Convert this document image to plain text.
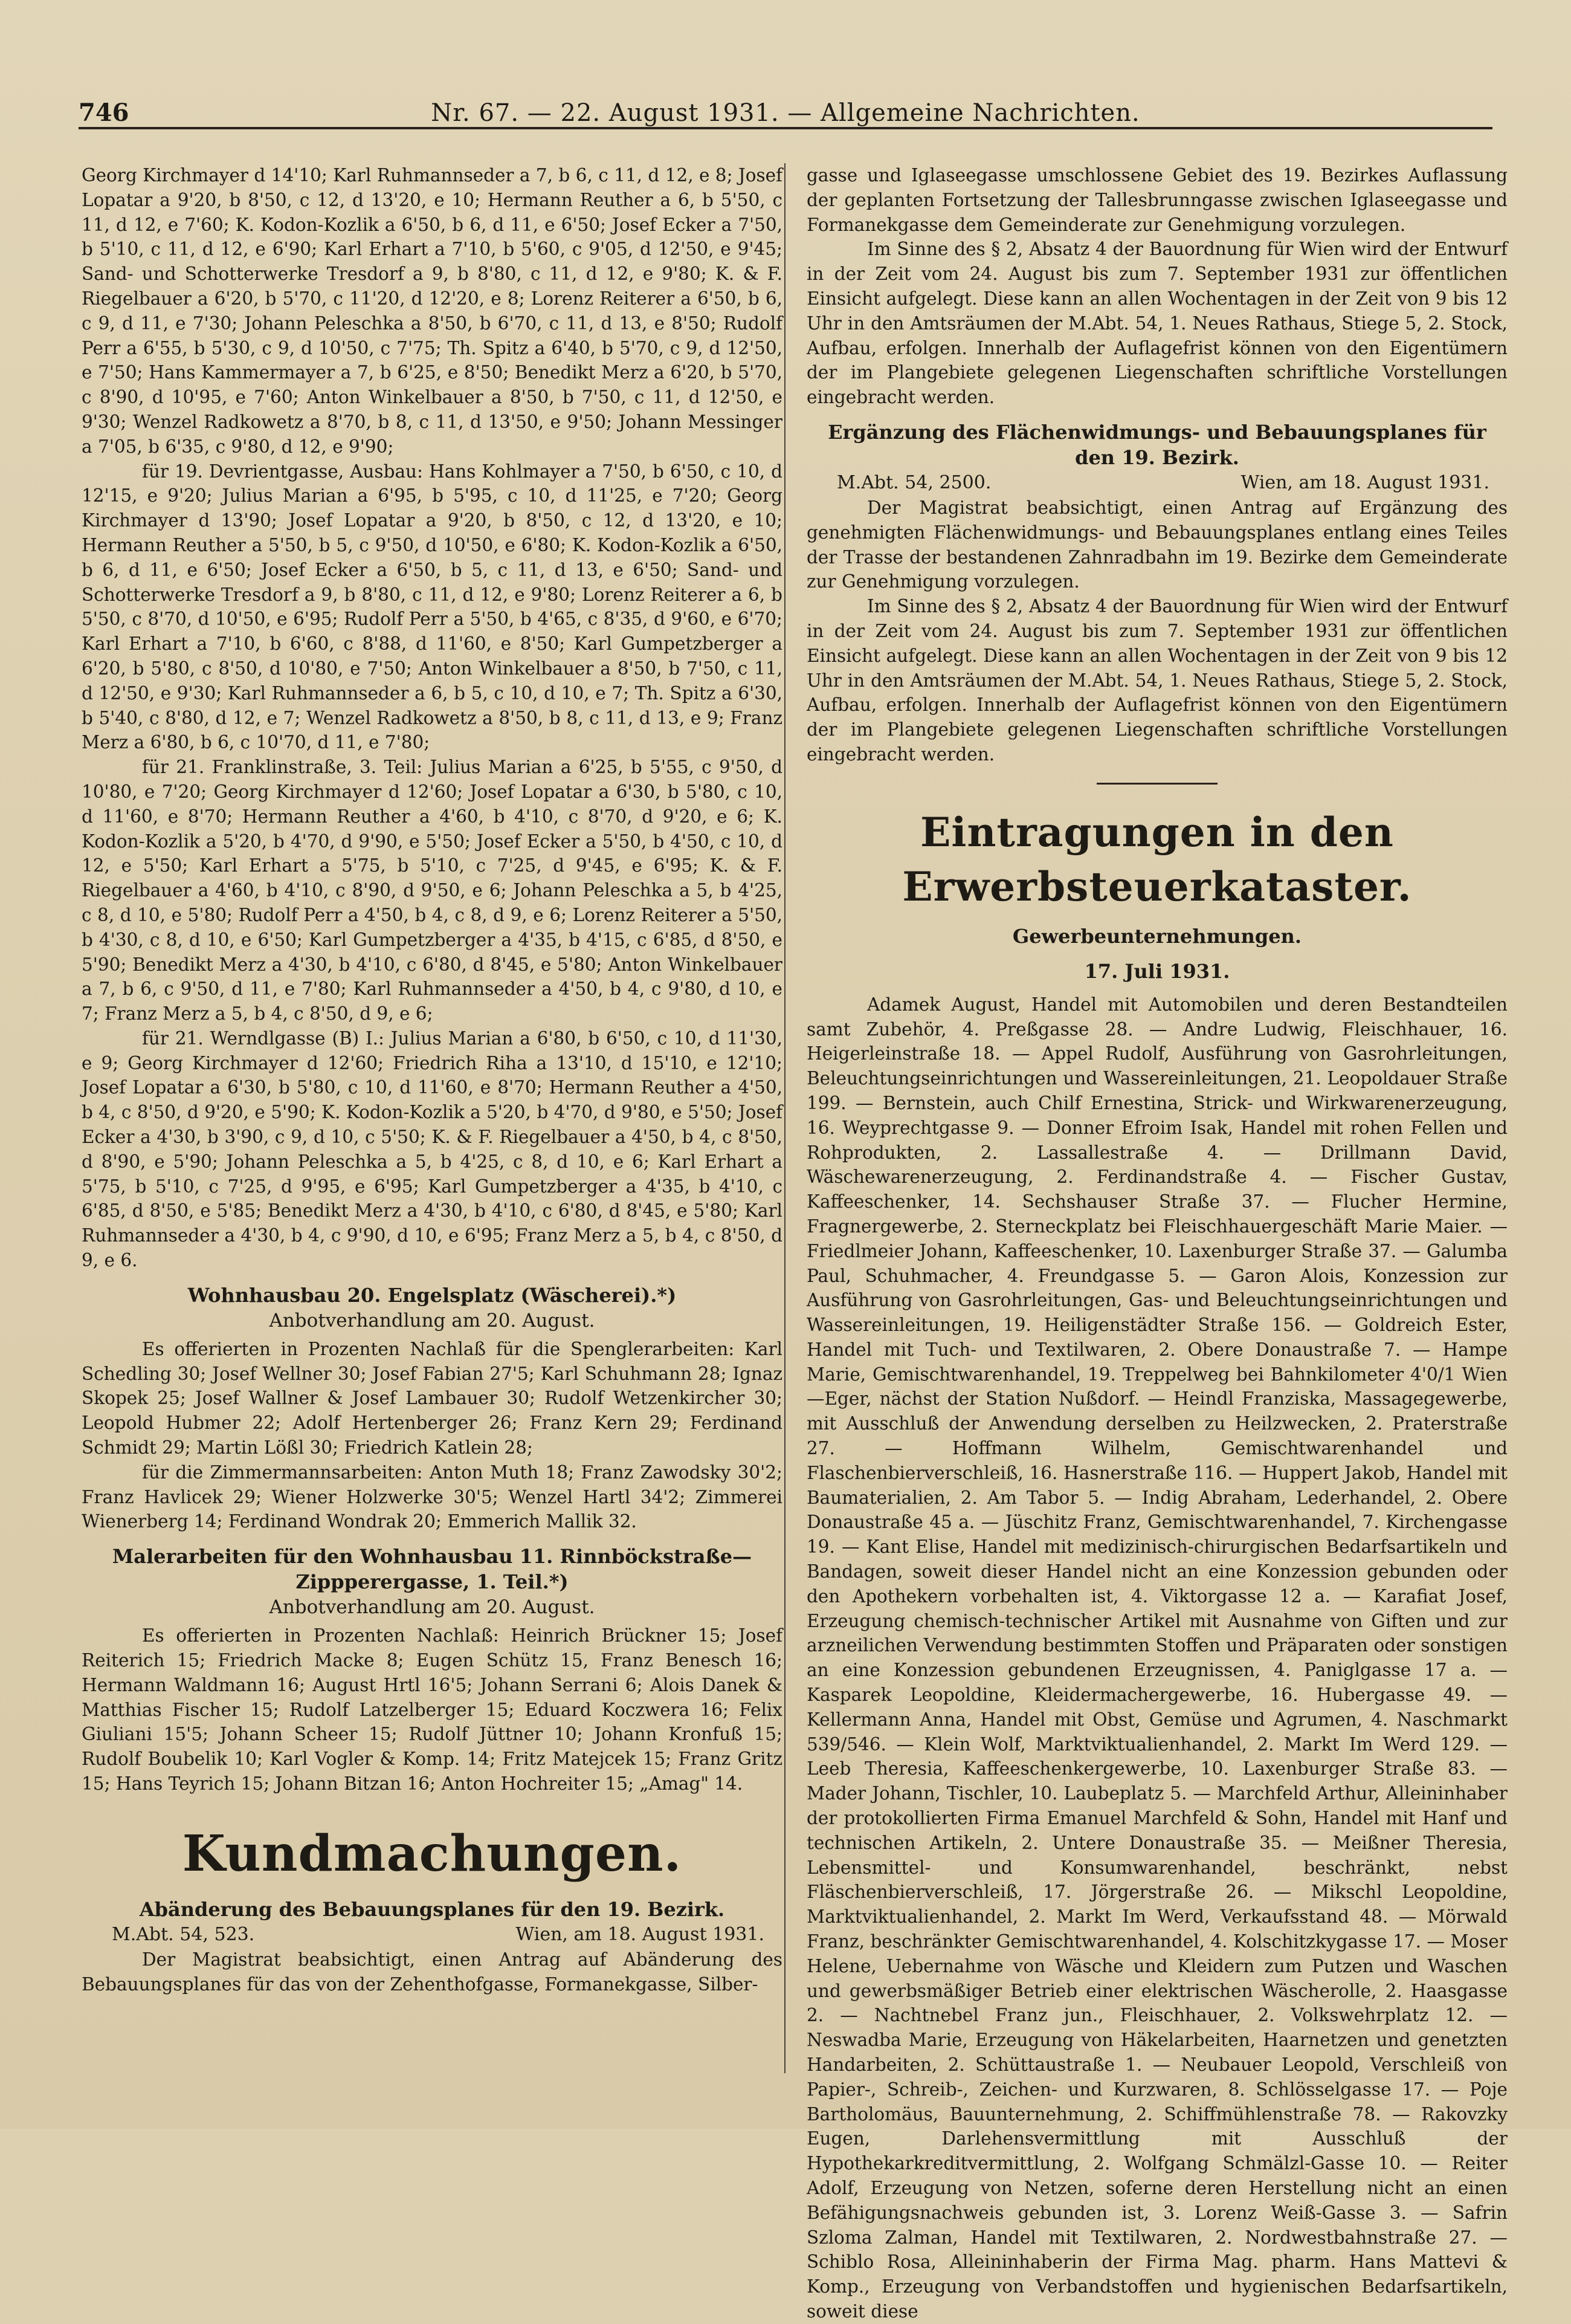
746	Nr. 67. — 22. August 1931. — Allgemeine Nachrichten.

Georg Kirchmayer d 14'10; Karl Ruhmannseder a 7, b 6, c 11, d 12, e 8; Josef Lopatar a 9'20, b 8'50, c 12, d 13'20, e 10; Hermann Reuther a 6, b 5'50, c 11, d 12, e 7'60; K. Kodon-Kozlik a 6'50, b 6, d 11, e 6'50; Josef Ecker a 7'50, b 5'10, c 11, d 12, e 6'90; Karl Erhart a 7'10, b 5'60, c 9'05, d 12'50, e 9'45; Sand- und Schotterwerke Tresdorf a 9, b 8'80, c 11, d 12, e 9'80; K. & F. Riegelbauer a 6'20, b 5'70, c 11'20, d 12'20, e 8; Lorenz Reiterer a 6'50, b 6, c 9, d 11, e 7'30; Johann Peleschka a 8'50, b 6'70, c 11, d 13, e 8'50; Rudolf Perr a 6'55, b 5'30, c 9, d 10'50, c 7'75; Th. Spitz a 6'40, b 5'70, c 9, d 12'50, e 7'50; Hans Kammermayer a 7, b 6'25, e 8'50; Benedikt Merz a 6'20, b 5'70, c 8'90, d 10'95, e 7'60; Anton Winkelbauer a 8'50, b 7'50, c 11, d 12'50, e 9'30; Wenzel Radkowetz a 8'70, b 8, c 11, d 13'50, e 9'50; Johann Messinger a 7'05, b 6'35, c 9'80, d 12, e 9'90;

für 19. Devrientgasse, Ausbau: Hans Kohlmayer a 7'50, b 6'50, c 10, d 12'15, e 9'20; Julius Marian a 6'95, b 5'95, c 10, d 11'25, e 7'20; Georg Kirchmayer d 13'90; Josef Lopatar a 9'20, b 8'50, c 12, d 13'20, e 10; Hermann Reuther a 5'50, b 5, c 9'50, d 10'50, e 6'80; K. Kodon-Kozlik a 6'50, b 6, d 11, e 6'50; Josef Ecker a 6'50, b 5, c 11, d 13, e 6'50; Sand- und Schotterwerke Tresdorf a 9, b 8'80, c 11, d 12, e 9'80; Lorenz Reiterer a 6, b 5'50, c 8'70, d 10'50, e 6'95; Rudolf Perr a 5'50, b 4'65, c 8'35, d 9'60, e 6'70; Karl Erhart a 7'10, b 6'60, c 8'88, d 11'60, e 8'50; Karl Gumpetzberger a 6'20, b 5'80, c 8'50, d 10'80, e 7'50; Anton Winkelbauer a 8'50, b 7'50, c 11, d 12'50, e 9'30; Karl Ruhmannseder a 6, b 5, c 10, d 10, e 7; Th. Spitz a 6'30, b 5'40, c 8'80, d 12, e 7; Wenzel Radkowetz a 8'50, b 8, c 11, d 13, e 9; Franz Merz a 6'80, b 6, c 10'70, d 11, e 7'80;

für 21. Franklinstraße, 3. Teil: Julius Marian a 6'25, b 5'55, c 9'50, d 10'80, e 7'20; Georg Kirchmayer d 12'60; Josef Lopatar a 6'30, b 5'80, c 10, d 11'60, e 8'70; Hermann Reuther a 4'60, b 4'10, c 8'70, d 9'20, e 6; K. Kodon-Kozlik a 5'20, b 4'70, d 9'90, e 5'50; Josef Ecker a 5'50, b 4'50, c 10, d 12, e 5'50; Karl Erhart a 5'75, b 5'10, c 7'25, d 9'45, e 6'95; K. & F. Riegelbauer a 4'60, b 4'10, c 8'90, d 9'50, e 6; Johann Peleschka a 5, b 4'25, c 8, d 10, e 5'80; Rudolf Perr a 4'50, b 4, c 8, d 9, e 6; Lorenz Reiterer a 5'50, b 4'30, c 8, d 10, e 6'50; Karl Gumpetzberger a 4'35, b 4'15, c 6'85, d 8'50, e 5'90; Benedikt Merz a 4'30, b 4'10, c 6'80, d 8'45, e 5'80; Anton Winkelbauer a 7, b 6, c 9'50, d 11, e 7'80; Karl Ruhmannseder a 4'50, b 4, c 9'80, d 10, e 7; Franz Merz a 5, b 4, c 8'50, d 9, e 6;

für 21. Werndlgasse (B) I.: Julius Marian a 6'80, b 6'50, c 10, d 11'30, e 9; Georg Kirchmayer d 12'60; Friedrich Riha a 13'10, d 15'10, e 12'10; Josef Lopatar a 6'30, b 5'80, c 10, d 11'60, e 8'70; Hermann Reuther a 4'50, b 4, c 8'50, d 9'20, e 5'90; K. Kodon-Kozlik a 5'20, b 4'70, d 9'80, e 5'50; Josef Ecker a 4'30, b 3'90, c 9, d 10, c 5'50; K. & F. Riegelbauer a 4'50, b 4, c 8'50, d 8'90, e 5'90; Johann Peleschka a 5, b 4'25, c 8, d 10, e 6; Karl Erhart a 5'75, b 5'10, c 7'25, d 9'95, e 6'95; Karl Gumpetzberger a 4'35, b 4'10, c 6'85, d 8'50, e 5'85; Benedikt Merz a 4'30, b 4'10, c 6'80, d 8'45, e 5'80; Karl Ruhmannseder a 4'30, b 4, c 9'90, d 10, e 6'95; Franz Merz a 5, b 4, c 8'50, d 9, e 6.

Wohnhausbau 20. Engelsplatz (Wäscherei).*)
Anbotverhandlung am 20. August.

Es offerierten in Prozenten Nachlaß für die Spenglerarbeiten: Karl Schedling 30; Josef Wellner 30; Josef Fabian 27'5; Karl Schuhmann 28; Ignaz Skopek 25; Josef Wallner & Josef Lambauer 30; Rudolf Wetzenkircher 30; Leopold Hubmer 22; Adolf Hertenberger 26; Franz Kern 29; Ferdinand Schmidt 29; Martin Lößl 30; Friedrich Katlein 28;

für die Zimmermannsarbeiten: Anton Muth 18; Franz Zawodsky 30'2; Franz Havlicek 29; Wiener Holzwerke 30'5; Wenzel Hartl 34'2; Zimmerei Wienerberg 14; Ferdinand Wondrak 20; Emmerich Mallik 32.

Malerarbeiten für den Wohnhausbau 11. Rinnböckstraße—Zippperergasse, 1. Teil.*)
Anbotverhandlung am 20. August.

Es offerierten in Prozenten Nachlaß: Heinrich Brückner 15; Josef Reiterich 15; Friedrich Macke 8; Eugen Schütz 15, Franz Benesch 16; Hermann Waldmann 16; August Hrtl 16'5; Johann Serrani 6; Alois Danek & Matthias Fischer 15; Rudolf Latzelberger 15; Eduard Koczwera 16; Felix Giuliani 15'5; Johann Scheer 15; Rudolf Jüttner 10; Johann Kronfuß 15; Rudolf Boubelik 10; Karl Vogler & Komp. 14; Fritz Matejcek 15; Franz Gritz 15; Hans Teyrich 15; Johann Bitzan 16; Anton Hochreiter 15; „Amag" 14.

Kundmachungen.
Abänderung des Bebauungsplanes für den 19. Bezirk.
M.Abt. 54, 523.	Wien, am 18. August 1931.

Der Magistrat beabsichtigt, einen Antrag auf Abänderung des Bebauungsplanes für das von der Zehenthofgasse, Formanekgasse, Silber-

gasse und Iglaseegasse umschlossene Gebiet des 19. Bezirkes Auflassung der geplanten Fortsetzung der Tallesbrunngasse zwischen Iglaseegasse und Formanekgasse dem Gemeinderate zur Genehmigung vorzulegen.

Im Sinne des § 2, Absatz 4 der Bauordnung für Wien wird der Entwurf in der Zeit vom 24. August bis zum 7. September 1931 zur öffentlichen Einsicht aufgelegt. Diese kann an allen Wochentagen in der Zeit von 9 bis 12 Uhr in den Amtsräumen der M.Abt. 54, 1. Neues Rathaus, Stiege 5, 2. Stock, Aufbau, erfolgen. Innerhalb der Auflagefrist können von den Eigentümern der im Plangebiete gelegenen Liegenschaften schriftliche Vorstellungen eingebracht werden.

Ergänzung des Flächenwidmungs- und Bebauungsplanes für den 19. Bezirk.
M.Abt. 54, 2500.	Wien, am 18. August 1931.

Der Magistrat beabsichtigt, einen Antrag auf Ergänzung des genehmigten Flächenwidmungs- und Bebauungsplanes entlang eines Teiles der Trasse der bestandenen Zahnradbahn im 19. Bezirke dem Gemeinderate zur Genehmigung vorzulegen.

Im Sinne des § 2, Absatz 4 der Bauordnung für Wien wird der Entwurf in der Zeit vom 24. August bis zum 7. September 1931 zur öffentlichen Einsicht aufgelegt. Diese kann an allen Wochentagen in der Zeit von 9 bis 12 Uhr in den Amtsräumen der M.Abt. 54, 1. Neues Rathaus, Stiege 5, 2. Stock, Aufbau, erfolgen. Innerhalb der Auflagefrist können von den Eigentümern der im Plangebiete gelegenen Liegenschaften schriftliche Vorstellungen eingebracht werden.

Eintragungen in den Erwerbsteuerkataster.
Gewerbeunternehmungen.
17. Juli 1931.

Adamek August, Handel mit Automobilen und deren Bestandteilen samt Zubehör, 4. Preßgasse 28. — Andre Ludwig, Fleischhauer, 16. Heigerleinstraße 18. — Appel Rudolf, Ausführung von Gasrohrleitungen, Beleuchtungseinrichtungen und Wassereinleitungen, 21. Leopoldauer Straße 199. — Bernstein, auch Chilf Ernestina, Strick- und Wirkwarenerzeugung, 16. Weyprechtgasse 9. — Donner Efroim Isak, Handel mit rohen Fellen und Rohprodukten, 2. Lassallestraße 4. — Drillmann David, Wäschewarenerzeugung, 2. Ferdinandstraße 4. — Fischer Gustav, Kaffeeschenker, 14. Sechshauser Straße 37. — Flucher Hermine, Fragnergewerbe, 2. Sterneckplatz bei Fleischhauergeschäft Marie Maier. — Friedlmeier Johann, Kaffeeschenker, 10. Laxenburger Straße 37. — Galumba Paul, Schuhmacher, 4. Freundgasse 5. — Garon Alois, Konzession zur Ausführung von Gasrohrleitungen, Gas- und Beleuchtungseinrichtungen und Wassereinleitungen, 19. Heiligenstädter Straße 156. — Goldreich Ester, Handel mit Tuch- und Textilwaren, 2. Obere Donaustraße 7. — Hampe Marie, Gemischtwarenhandel, 19. Treppelweg bei Bahnkilometer 4'0/1 Wien—Eger, nächst der Station Nußdorf. — Heindl Franziska, Massagegewerbe, mit Ausschluß der Anwendung derselben zu Heilzwecken, 2. Praterstraße 27. — Hoffmann Wilhelm, Gemischtwarenhandel und Flaschenbierverschleiß, 16. Hasnerstraße 116. — Huppert Jakob, Handel mit Baumaterialien, 2. Am Tabor 5. — Indig Abraham, Lederhandel, 2. Obere Donaustraße 45 a. — Jüschitz Franz, Gemischtwarenhandel, 7. Kirchengasse 19. — Kant Elise, Handel mit medizinisch-chirurgischen Bedarfsartikeln und Bandagen, soweit dieser Handel nicht an eine Konzession gebunden oder den Apothekern vorbehalten ist, 4. Viktorgasse 12 a. — Karafiat Josef, Erzeugung chemisch-technischer Artikel mit Ausnahme von Giften und zur arzneilichen Verwendung bestimmten Stoffen und Präparaten oder sonstigen an eine Konzession gebundenen Erzeugnissen, 4. Paniglgasse 17 a. — Kasparek Leopoldine, Kleidermachergewerbe, 16. Hubergasse 49. — Kellermann Anna, Handel mit Obst, Gemüse und Agrumen, 4. Naschmarkt 539/546. — Klein Wolf, Marktviktualienhandel, 2. Markt Im Werd 129. — Leeb Theresia, Kaffeeschenkergewerbe, 10. Laxenburger Straße 83. — Mader Johann, Tischler, 10. Laubeplatz 5. — Marchfeld Arthur, Alleininhaber der protokollierten Firma Emanuel Marchfeld & Sohn, Handel mit Hanf und technischen Artikeln, 2. Untere Donaustraße 35. — Meißner Theresia, Lebensmittel- und Konsumwarenhandel, beschränkt, nebst Fläschenbierverschleiß, 17. Jörgerstraße 26. — Mikschl Leopoldine, Marktviktualienhandel, 2. Markt Im Werd, Verkaufsstand 48. — Mörwald Franz, beschränkter Gemischtwarenhandel, 4. Kolschitzkygasse 17. — Moser Helene, Uebernahme von Wäsche und Kleidern zum Putzen und Waschen und gewerbsmäßiger Betrieb einer elektrischen Wäscherolle, 2. Haasgasse 2. — Nachtnebel Franz jun., Fleischhauer, 2. Volkswehrplatz 12. — Neswadba Marie, Erzeugung von Häkelarbeiten, Haarnetzen und genetzten Handarbeiten, 2. Schüttaustraße 1. — Neubauer Leopold, Verschleiß von Papier-, Schreib-, Zeichen- und Kurzwaren, 8. Schlösselgasse 17. — Poje Bartholomäus, Bauunternehmung, 2. Schiffmühlenstraße 78. — Rakovzky Eugen, Darlehensvermittlung mit Ausschluß der Hypothekarkreditvermittlung, 2. Wolfgang Schmälzl-Gasse 10. — Reiter Adolf, Erzeugung von Netzen, soferne deren Herstellung nicht an einen Befähigungsnachweis gebunden ist, 3. Lorenz Weiß-Gasse 3. — Safrin Szloma Zalman, Handel mit Textilwaren, 2. Nordwestbahnstraße 27. — Schiblo Rosa, Alleininhaberin der Firma Mag. pharm. Hans Mattevi & Komp., Erzeugung von Verbandstoffen und hygienischen Bedarfsartikeln, soweit diese
